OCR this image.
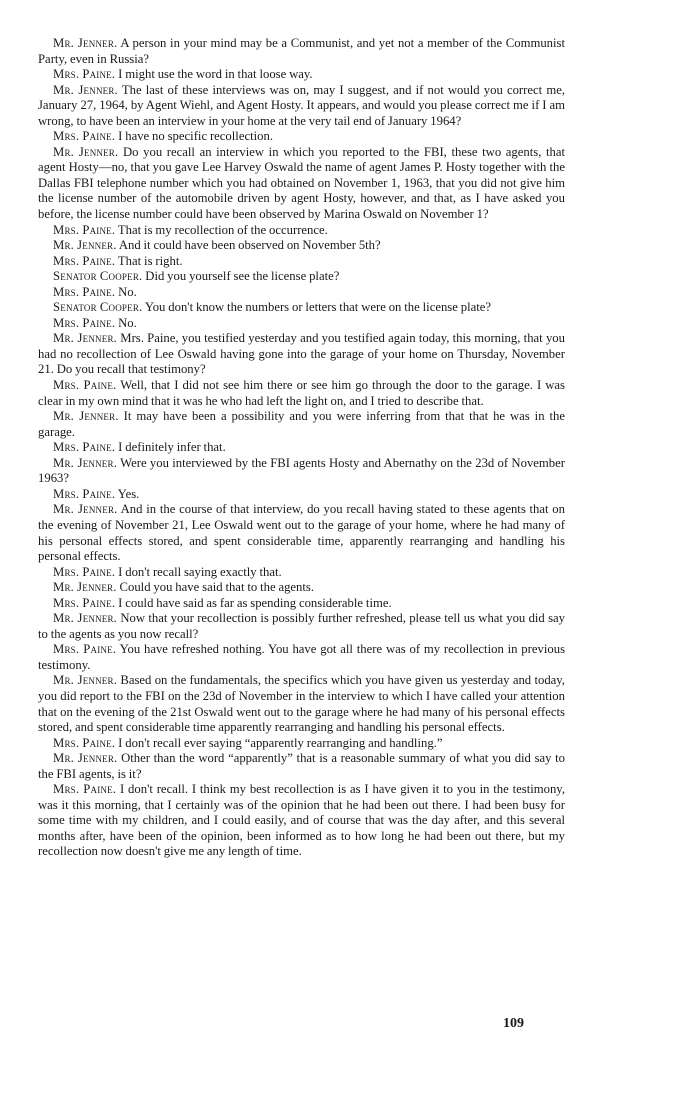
Mr. Jenner. A person in your mind may be a Communist, and yet not a member of the Communist Party, even in Russia?

Mrs. Paine. I might use the word in that loose way.

Mr. Jenner. The last of these interviews was on, may I suggest, and if not would you correct me, January 27, 1964, by Agent Wiehl, and Agent Hosty. It appears, and would you please correct me if I am wrong, to have been an interview in your home at the very tail end of January 1964?

Mrs. Paine. I have no specific recollection.

Mr. Jenner. Do you recall an interview in which you reported to the FBI, these two agents, that agent Hosty—no, that you gave Lee Harvey Oswald the name of agent James P. Hosty together with the Dallas FBI telephone number which you had obtained on November 1, 1963, that you did not give him the license number of the automobile driven by agent Hosty, however, and that, as I have asked you before, the license number could have been observed by Marina Oswald on November 1?

Mrs. Paine. That is my recollection of the occurrence.

Mr. Jenner. And it could have been observed on November 5th?

Mrs. Paine. That is right.

Senator Cooper. Did you yourself see the license plate?

Mrs. Paine. No.

Senator Cooper. You don't know the numbers or letters that were on the license plate?

Mrs. Paine. No.

Mr. Jenner. Mrs. Paine, you testified yesterday and you testified again today, this morning, that you had no recollection of Lee Oswald having gone into the garage of your home on Thursday, November 21. Do you recall that testimony?

Mrs. Paine. Well, that I did not see him there or see him go through the door to the garage. I was clear in my own mind that it was he who had left the light on, and I tried to describe that.

Mr. Jenner. It may have been a possibility and you were inferring from that that he was in the garage.

Mrs. Paine. I definitely infer that.

Mr. Jenner. Were you interviewed by the FBI agents Hosty and Abernathy on the 23d of November 1963?

Mrs. Paine. Yes.

Mr. Jenner. And in the course of that interview, do you recall having stated to these agents that on the evening of November 21, Lee Oswald went out to the garage of your home, where he had many of his personal effects stored, and spent considerable time, apparently rearranging and handling his personal effects.

Mrs. Paine. I don't recall saying exactly that.

Mr. Jenner. Could you have said that to the agents.

Mrs. Paine. I could have said as far as spending considerable time.

Mr. Jenner. Now that your recollection is possibly further refreshed, please tell us what you did say to the agents as you now recall?

Mrs. Paine. You have refreshed nothing. You have got all there was of my recollection in previous testimony.

Mr. Jenner. Based on the fundamentals, the specifics which you have given us yesterday and today, you did report to the FBI on the 23d of November in the interview to which I have called your attention that on the evening of the 21st Oswald went out to the garage where he had many of his personal effects stored, and spent considerable time apparently rearranging and handling his personal effects.

Mrs. Paine. I don't recall ever saying “apparently rearranging and handling.”

Mr. Jenner. Other than the word “apparently” that is a reasonable summary of what you did say to the FBI agents, is it?

Mrs. Paine. I don't recall. I think my best recollection is as I have given it to you in the testimony, was it this morning, that I certainly was of the opinion that he had been out there. I had been busy for some time with my children, and I could easily, and of course that was the day after, and this several months after, have been of the opinion, been informed as to how long he had been out there, but my recollection now doesn't give me any length of time.

109
